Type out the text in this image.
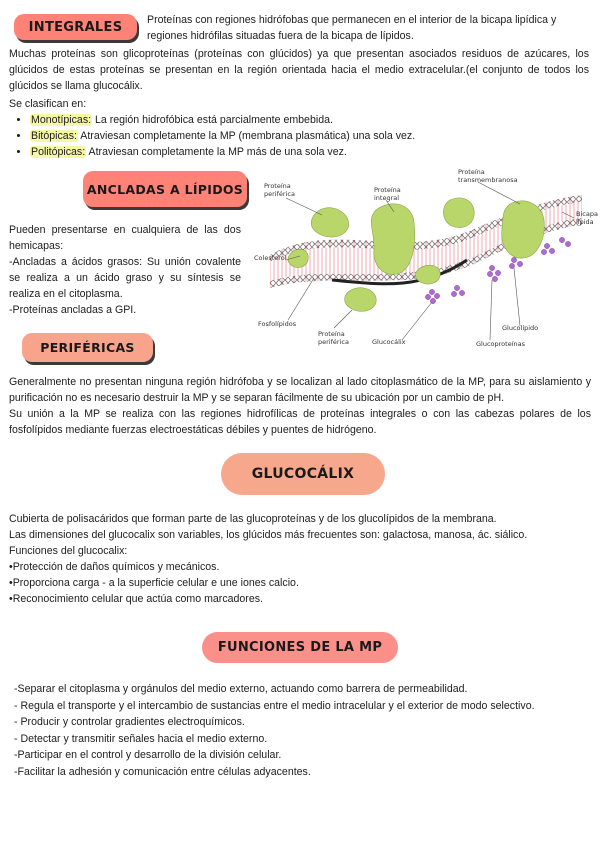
INTEGRALES	Proteínas con regiones hidrófobas que permanecen en el interior de la bicapa lipídica y regiones hidrófilas situadas fuera de la bicapa de lípidos.
Muchas proteínas son glicoproteínas (proteínas con glúcidos) ya que presentan asociados residuos de azúcares, los glúcidos de estas proteínas se presentan en la región orientada hacia el medio extracelular.(el conjunto de todos los glúcidos se llama glucocálix.
Se clasifican en:
• Monotípicas: La región hidrofóbica está parcialmente embebida.
• Bitópicas: Atraviesan completamente la MP (membrana plasmática) una sola vez.
• Politópicas: Atraviesan completamente la MP más de una sola vez.
ANCLADAS A LÍPIDOS

Pueden presentarse en cualquiera de las dos hemicapas:

-Ancladas a ácidos grasos: Su unión covalente se realiza a un ácido graso y su síntesis se realiza en el citoplasma.

-Proteínas ancladas a GPI.

Proteína periférica	Proteína integral
Proteína transmembranosa
Bicapa lípida
Colesterol
Fosfolípidos
Proteína periférica	Glucocálix
Glucolípido
Glucoproteínas
PERIFÉRICAS

Generalmente no presentan ninguna región hidrófoba y se localizan al lado citoplasmático de la MP, para su aislamiento y purificación no es necesario destruir la MP y se separan fácilmente de su ubicación por un cambio de pH.

Su unión a la MP se realiza con las regiones hidrofílicas de proteínas integrales o con las cabezas polares de los fosfolípidos mediante fuerzas electroestáticas débiles y puentes de hidrógeno.

GLUCOCÁLIX

Cubierta de polisacáridos que forman parte de las glucoproteínas y de los glucolípidos de la membrana.

Las dimensiones del glucocalix son variables, los glúcidos más frecuentes son: galactosa, manosa, ác. siálico.

Funciones del glucocalix:

•Protección de daños químicos y mecánicos.

•Proporciona carga - a la superficie celular e une iones calcio.

•Reconocimiento celular que actúa como marcadores.

FUNCIONES DE LA MP

-Separar el citoplasma y orgánulos del medio externo, actuando como barrera de permeabilidad.

- Regula el transporte y el intercambio de sustancias entre el medio intracelular y el exterior de modo selectivo.

- Producir y controlar gradientes electroquímicos.

- Detectar y transmitir señales hacia el medio externo.

-Participar en el control y desarrollo de la división celular.

-Facilitar la adhesión y comunicación entre células adyacentes.
